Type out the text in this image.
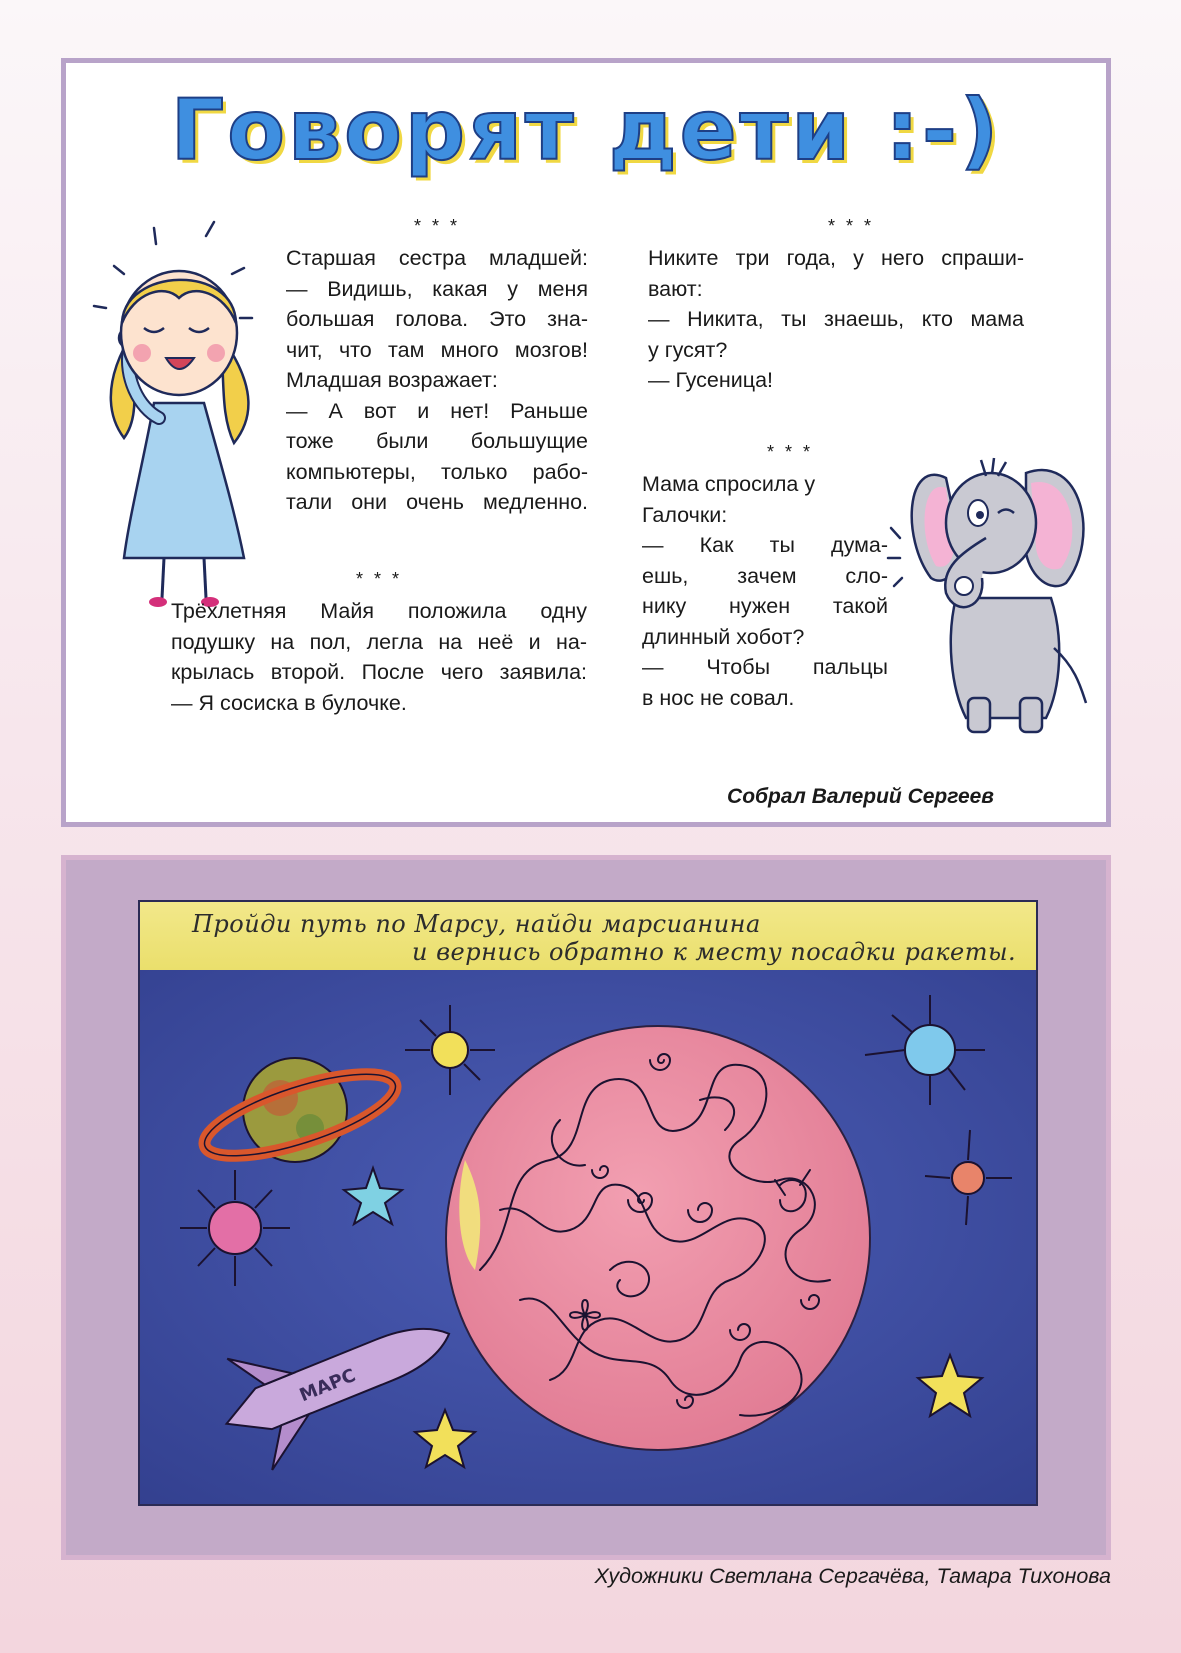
Говорят дети :-)
* * *
Старшая сестра младшей:
— Видишь, какая у меня
большая голова. Это зна-
чит, что там много мозгов!
Младшая возражает:
— А вот и нет! Раньше
тоже были большущие
компьютеры, только рабо-
тали они очень медленно.
* * *
Трёхлетняя Майя положила одну
подушку на пол, легла на неё и на-
крылась второй. После чего заявила:
— Я сосиска в булочке.
* * *
Никите три года, у него спраши-
вают:
— Никита, ты знаешь, кто мама
у гусят?
— Гусеница!
* * *
Мама спросила у
Галочки:
— Как ты дума-
ешь, зачем сло-
нику нужен такой
длинный хобот?
— Чтобы пальцы
в нос не совал.
Собрал Валерий Сергеев
Пройди путь по Марсу, найди марсианина
и вернись обратно к месту посадки ракеты.
МАРС
Художники Светлана Сергачёва, Тамара Тихонова
